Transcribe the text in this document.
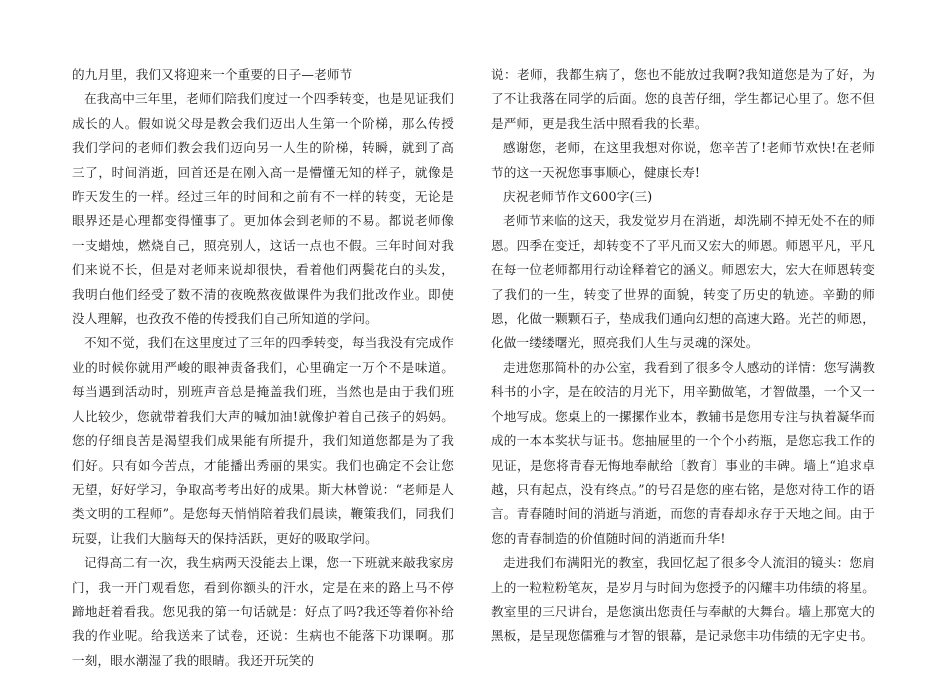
的九月里，我们又将迎来一个重要的日子—老师节

在我高中三年里，老师们陪我们度过一个四季转变，也是见证我们成长的人。假如说父母是教会我们迈出人生第一个阶梯，那么传授我们学问的老师们教会我们迈向另一人生的阶梯，转瞬，就到了高三了，时间消逝，回首还是在刚入高一是懵懂无知的样子，就像是昨天发生的一样。经过三年的时间和之前有不一样的转变，无论是眼界还是心理都变得懂事了。更加体会到老师的不易。都说老师像一支蜡烛，燃烧自己，照亮别人，这话一点也不假。三年时间对我们来说不长，但是对老师来说却很快，看着他们两鬓花白的头发，我明白他们经受了数不清的夜晚熬夜做课件为我们批改作业。即使没人理解，也孜孜不倦的传授我们自己所知道的学问。

不知不觉，我们在这里度过了三年的四季转变，每当我没有完成作业的时候你就用严峻的眼神责备我们，心里确定一万个不是味道。每当遇到活动时，别班声音总是掩盖我们班，当然也是由于我们班人比较少，您就带着我们大声的喊加油!就像护着自己孩子的妈妈。您的仔细良苦是渴望我们成果能有所提升，我们知道您都是为了我们好。只有如今苦点，才能播出秀丽的果实。我们也确定不会让您无望，好好学习，争取高考考出好的成果。斯大林曾说：“老师是人类文明的工程师”。是您每天悄悄陪着我们晨读，鞭策我们，同我们玩耍，让我们大脑每天的保持活跃，更好的吸取学问。

记得高二有一次，我生病两天没能去上课，您一下班就来敲我家房门，我一开门观看您，看到你额头的汗水，定是在来的路上马不停蹄地赶着看我。您见我的第一句话就是：好点了吗?我还等着你补给我的作业呢。给我送来了试卷，还说：生病也不能落下功课啊。那一刻，眼水潮湿了我的眼睛。我还开玩笑的

说：老师，我都生病了，您也不能放过我啊?我知道您是为了好，为了不让我落在同学的后面。您的良苦仔细，学生都记心里了。您不但是严师，更是我生活中照看我的长辈。

感谢您，老师，在这里我想对你说，您辛苦了!老师节欢快!在老师节的这一天祝您事事顺心，健康长寿!

庆祝老师节作文600字(三)

老师节来临的这天，我发觉岁月在消逝，却洗刷不掉无处不在的师恩。四季在变迁，却转变不了平凡而又宏大的师恩。师恩平凡，平凡在每一位老师都用行动诠释着它的涵义。师恩宏大，宏大在师恩转变了我们的一生，转变了世界的面貌，转变了历史的轨迹。辛勤的师恩，化做一颗颗石子，垫成我们通向幻想的高速大路。光芒的师恩，化做一缕缕曙光，照亮我们人生与灵魂的深处。

走进您那简朴的办公室，我看到了很多令人感动的详情：您写满教科书的小字，是在皎洁的月光下，用辛勤做笔，才智做墨，一个又一个地写成。您桌上的一摞摞作业本，教辅书是您用专注与执着凝华而成的一本本奖状与证书。您抽屉里的一个个小药瓶，是您忘我工作的见证，是您将青春无悔地奉献给〔教育〕事业的丰碑。墙上“追求卓越，只有起点，没有终点。”的号召是您的座右铭，是您对待工作的语言。青春随时间的消逝与消逝，而您的青春却永存于天地之间。由于您的青春制造的价值随时间的消逝而升华!

走进我们布满阳光的教室，我回忆起了很多令人流泪的镜头：您肩上的一粒粒粉笔灰，是岁月与时间为您授予的闪耀丰功伟绩的将星。教室里的三尺讲台，是您演出您责任与奉献的大舞台。墙上那宽大的黑板，是呈现您儒雅与才智的银幕，是记录您丰功伟绩的无字史书。
